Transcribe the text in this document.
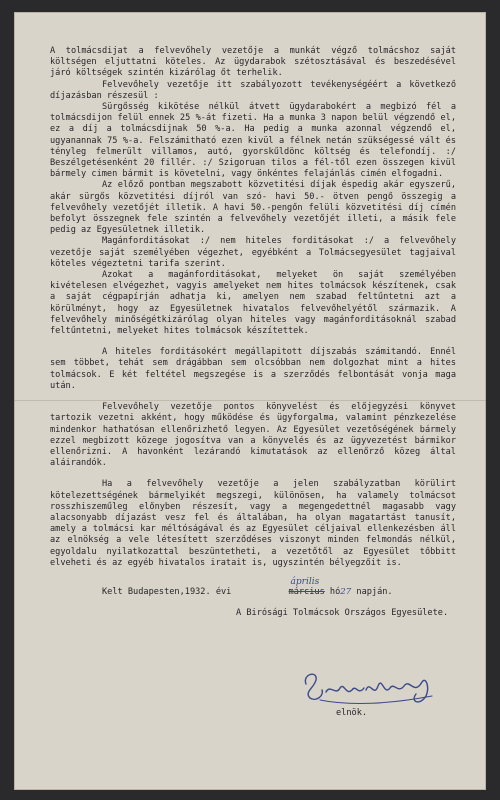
A tolmácsdijat a felvevőhely vezetője a munkát végző tolmácshoz saját költségen eljuttatni köteles. Az ügydarabok szétosztásával és beszedésével járó költségek szintén kizárólag őt terhelik.

Felvevőhely vezetője itt szabályozott tevékenységéért a következő díjazásban részesül :

Sürgősség kikötése nélkül átvett ügydarabokért a megbizó fél a tolmácsdijon felül ennek 25 %-át fizeti. Ha a munka 3 napon belül végzendő el, ez a díj a tolmácsdijnak 50 %-a. Ha pedig a munka azonnal végzendő el, ugyanannak 75 %-a. Felszámitható ezen kivül a félnek netán szükségessé vált és tényleg felmerült villamos, autó, gyorskűldönc költség és telefondíj. :/ Beszélgetésenként 20 fillér. :/ Szigoruan tilos a fél-től ezen összegen kivül bármely cimen bármit is követelni, vagy önkéntes felajánlás cimén elfogadni.

Az előző pontban megszabott közvetitési díjak éspedig akár egyszerű, akár sürgős közvetitési díjról van szó- havi 50.- ötven pengő összegig a felvevőhely vezetőjét illetik. A havi 50.-pengőn felüli közvetitési díj címén befolyt összegnek fele szintén a felvevőhely vezetőjét illeti, a másik fele pedig az Egyesületnek illetik.

Magánforditásokat :/ nem hiteles forditásokat :/ a felvevőhely vezetője saját személyében végezhet, egyébként a Tolmácsegyesület tagjaival köteles végeztetni tarifa szerint.

Azokat a magánforditásokat, melyeket ön saját személyében kivételesen elvégezhet, vagyis amelyeket nem hites tolmácsok készítenek, csak a saját cégpapírján adhatja ki, amelyen nem szabad feltűntetni azt a körülményt, hogy az Egyesületnek hivatalos felvevőhelyétől származik. A felvevőhely minőségétkizárólag olyan hiteles vagy magánforditásoknál szabad feltűntetni, melyeket hites tolmácsok készítettek.

A hiteles forditásokért megállapitott díjszabás számitandó. Ennél sem többet, tehát sem drágábban sem olcsóbban nem dolgozhat mint a hites tolmácsok. E két feltétel megszegése is a szerződés felbontását vonja maga után.

Felvevőhely vezetője pontos könyvelést és előjegyzési könyvet tartozik vezetni akként, hogy működése és ügyforgalma, valamint pénzkezelése mindenkor hathatósan ellenőrizhető legyen. Az Egyesület vezetőségének bármely ezzel megbizott közege jogosítva van a könyvelés és az ügyvezetést bármikor ellenőrizni. A havonként lezárandó kimutatások az ellenőrző közeg által aláirandók.

Ha a felvevőhely vezetője a jelen szabályzatban körülirt kötelezettségének bármelyikét megszegi, különösen, ha valamely tolmácsot rosszhiszeműleg előnyben részesít, vagy a megengedettnél magasabb vagy alacsonyabb díjazást vesz fel és általában, ha olyan magatartást tanusít, amely a tolmácsi kar méltóságával és az Egyesület céljaival ellenkezésben áll az elnökség a vele létesített szerződéses viszonyt minden felmondás nélkül, egyoldalu nyilatkozattal beszüntetheti, a vezetőtől az Egyesület tőbbitt elveheti és az egyéb hivatalos iratait is, ugyszintén bélyegzőit is.

Kelt Budapesten,1932. évi
április
március hó27 napján.
A Birósági Tolmácsok Országos Egyesülete.
elnök.
